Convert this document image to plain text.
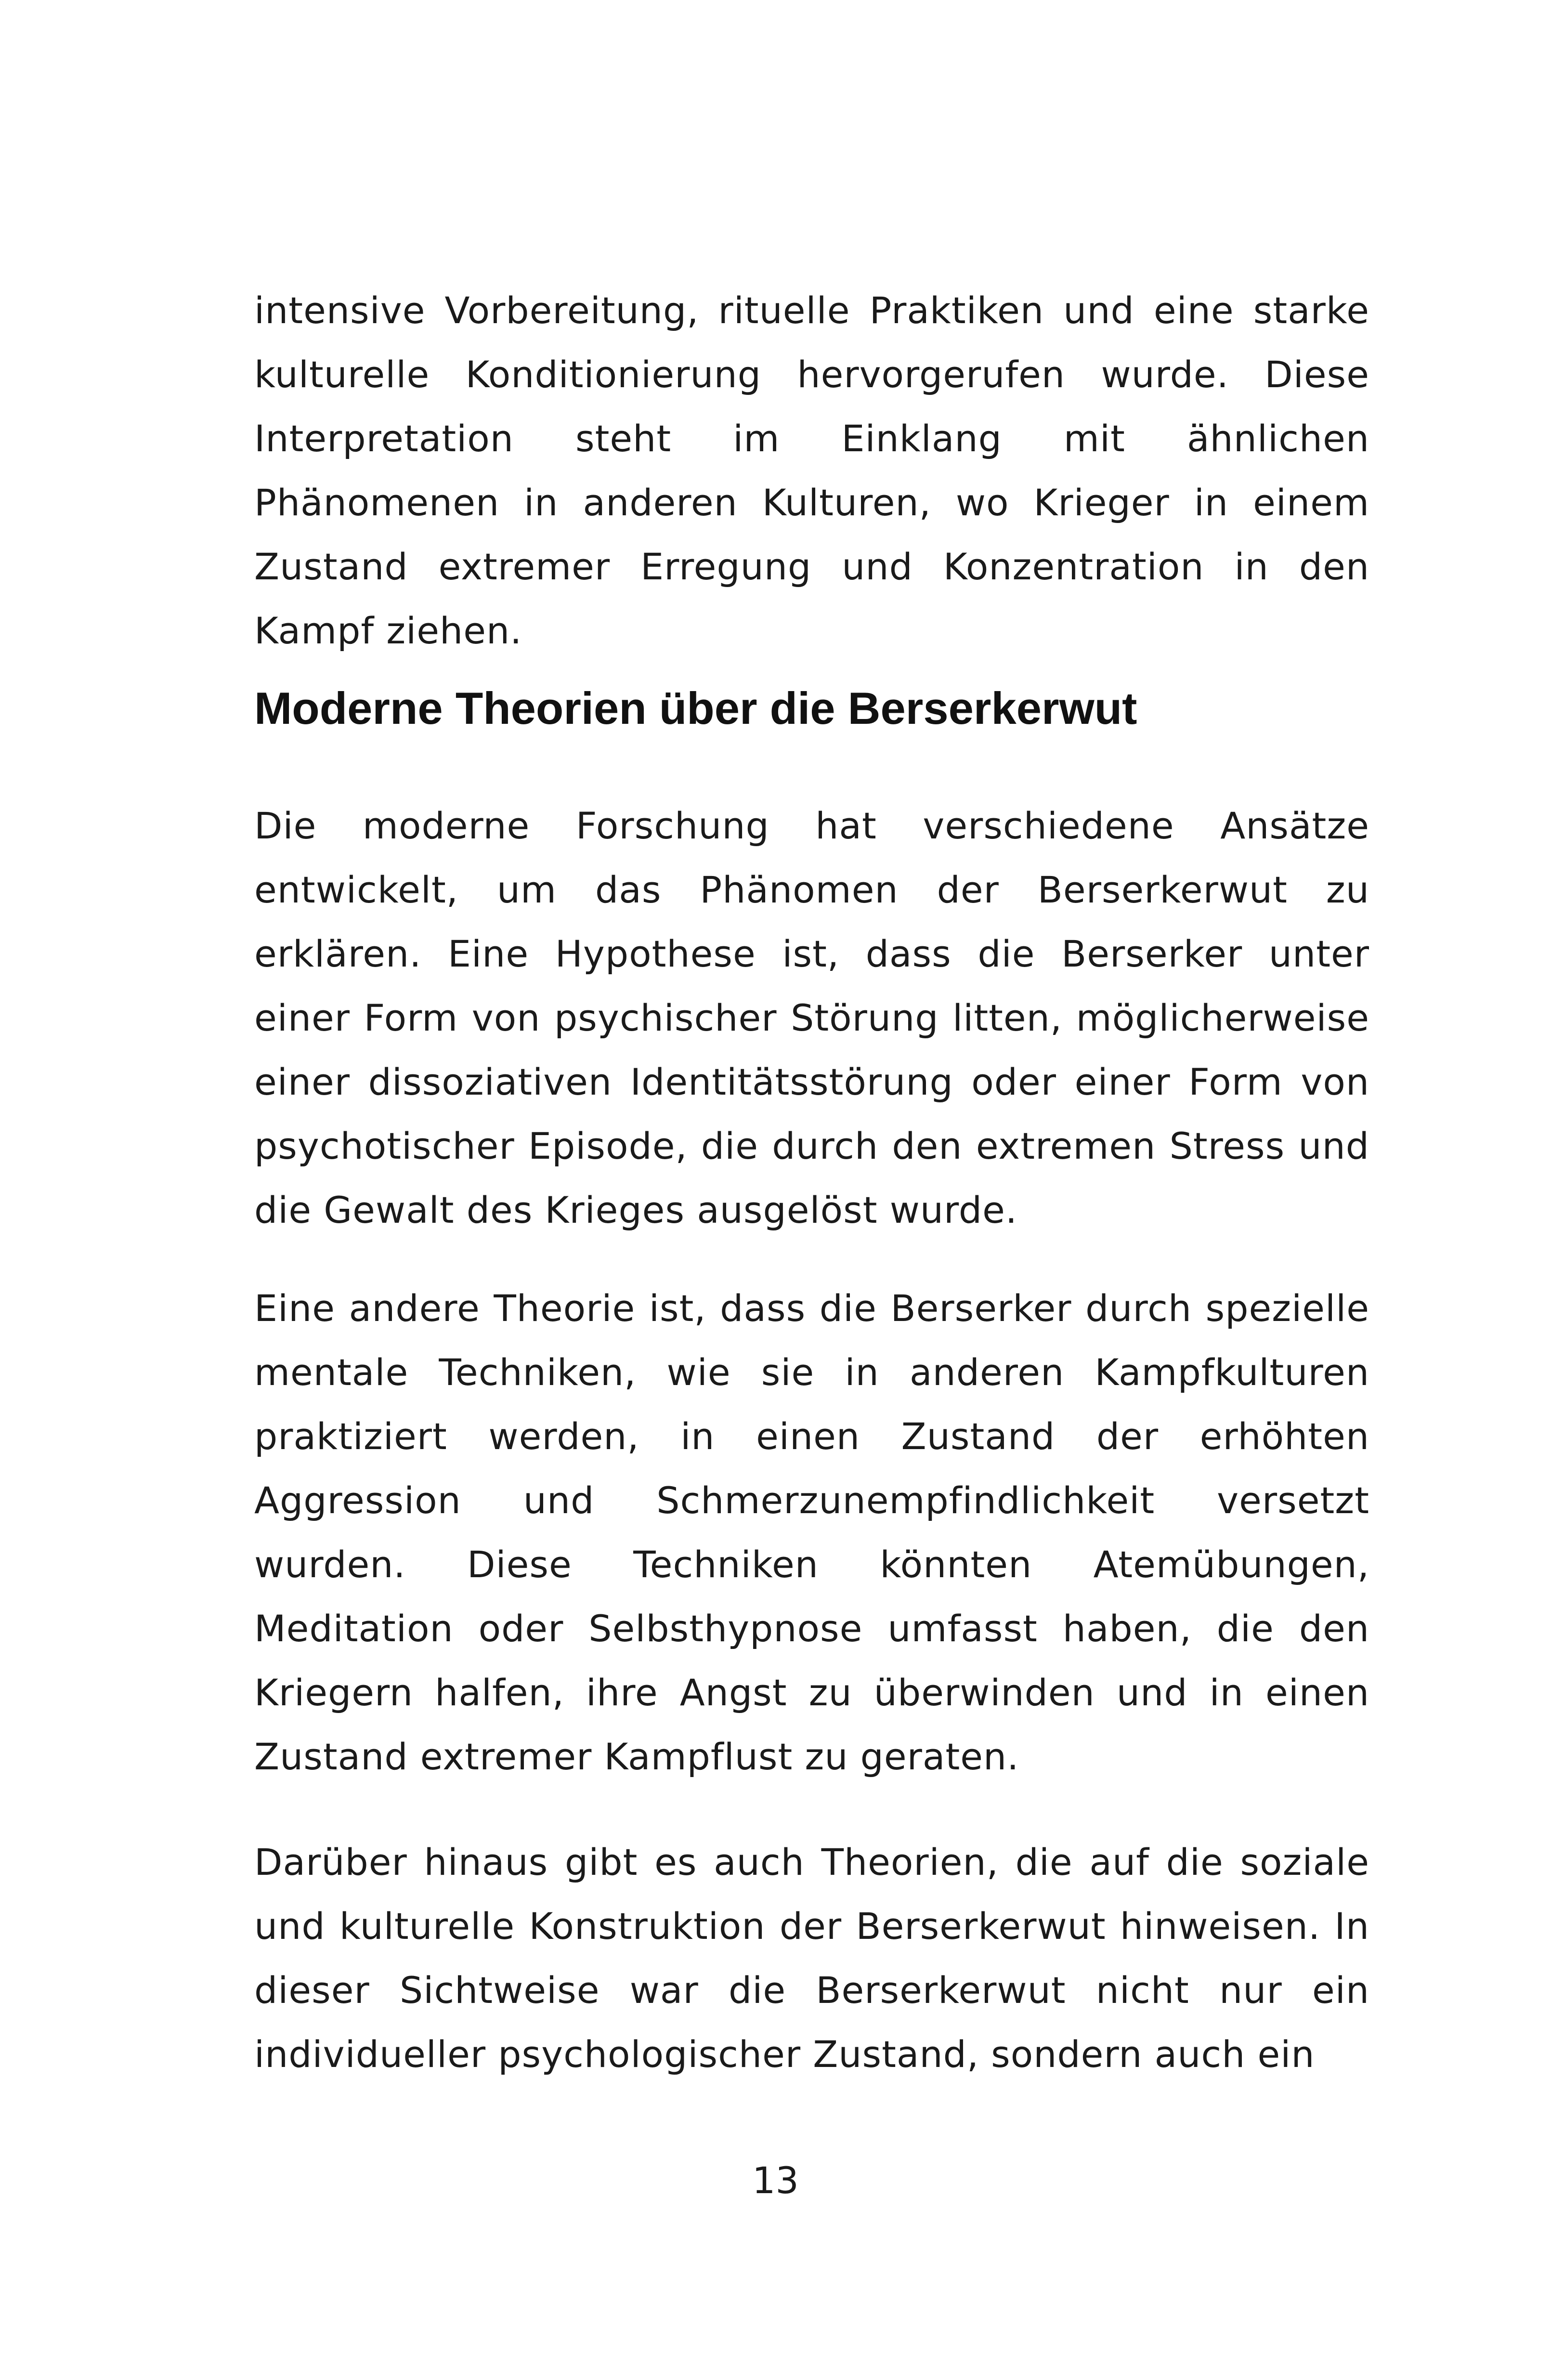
intensive Vorbereitung, rituelle Praktiken und eine starke kulturelle Konditionierung hervorgerufen wurde. Diese Interpretation steht im Einklang mit ähnlichen Phänomenen in anderen Kulturen, wo Krieger in einem Zustand extremer Erregung und Konzentration in den Kampf ziehen.

Moderne Theorien über die Berserkerwut

Die moderne Forschung hat verschiedene Ansätze entwickelt, um das Phänomen der Berserkerwut zu erklären. Eine Hypothese ist, dass die Berserker unter einer Form von psychischer Störung litten, möglicherweise einer dissoziativen Identitätsstörung oder einer Form von psychotischer Episode, die durch den extremen Stress und die Gewalt des Krieges ausgelöst wurde.

Eine andere Theorie ist, dass die Berserker durch spezielle mentale Techniken, wie sie in anderen Kampfkulturen praktiziert werden, in einen Zustand der erhöhten Aggression und Schmerzunempfindlichkeit versetzt wurden. Diese Techniken könnten Atemübungen, Meditation oder Selbsthypnose umfasst haben, die den Kriegern halfen, ihre Angst zu überwinden und in einen Zustand extremer Kampflust zu geraten.

Darüber hinaus gibt es auch Theorien, die auf die soziale und kulturelle Konstruktion der Berserkerwut hinweisen. In dieser Sichtweise war die Berserkerwut nicht nur ein individueller psychologischer Zustand, sondern auch ein

13
